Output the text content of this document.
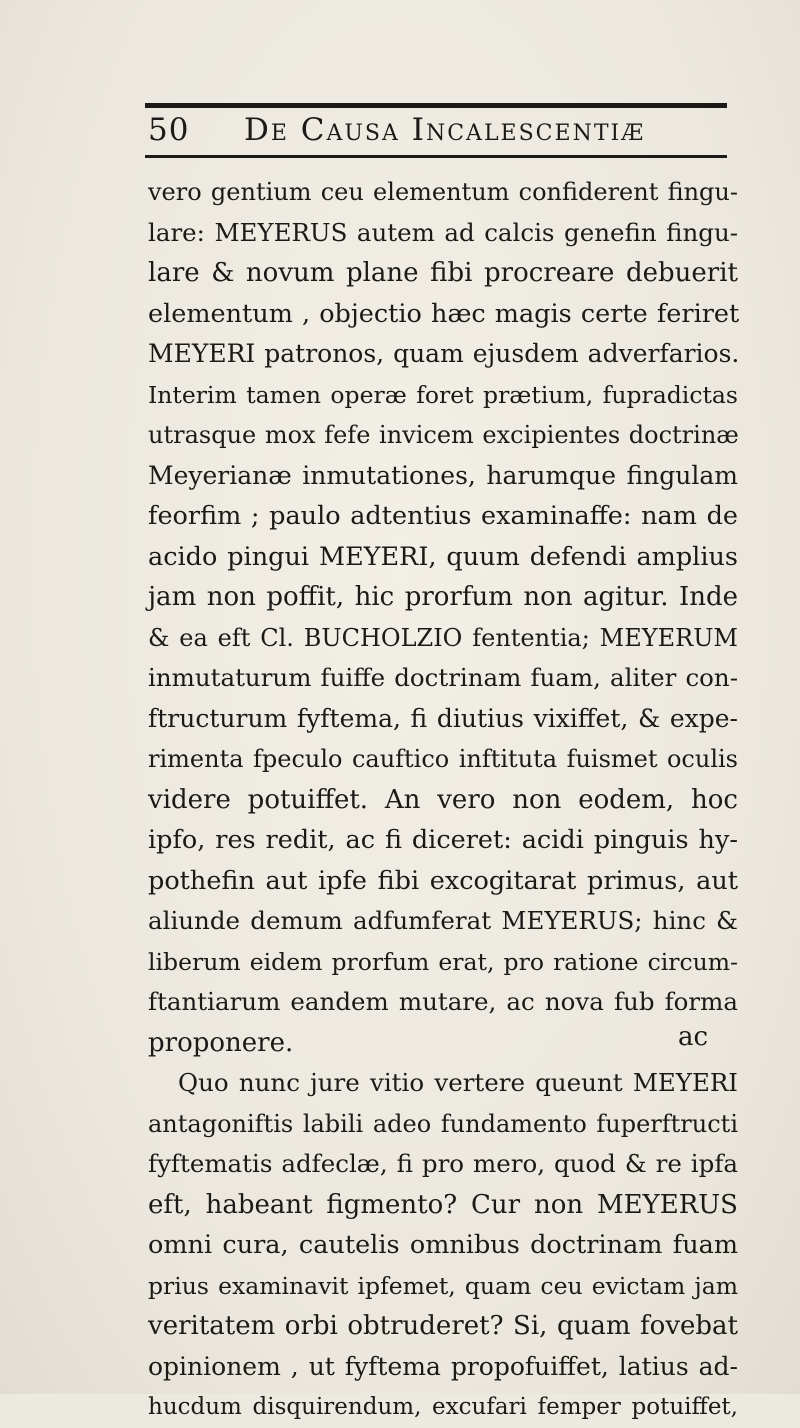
50 De Causa Incalescentiæ
vero gentium ceu elementum confiderent fingu-
lare: MEYERUS autem ad calcis genefin fingu-
lare & novum plane fibi procreare debuerit
elementum , objectio hæc magis certe feriret
MEYERI patronos, quam ejusdem adverfarios.
Interim tamen operæ foret prætium, fupradictas
utrasque mox fefe invicem excipientes doctrinæ
Meyerianæ inmutationes, harumque fingulam
feorfim ; paulo adtentius examinaffe: nam de
acido pingui MEYERI, quum defendi amplius
jam non poffit, hic prorfum non agitur. Inde
& ea eft Cl. BUCHOLZIO fententia; MEYERUM
inmutaturum fuiffe doctrinam fuam, aliter con-
ftructurum fyftema, fi diutius vixiffet, & expe-
rimenta fpeculo cauftico inftituta fuismet oculis
videre potuiffet. An vero non eodem, hoc
ipfo, res redit, ac fi diceret: acidi pinguis hy-
pothefin aut ipfe fibi excogitarat primus, aut
aliunde demum adfumferat MEYERUS; hinc &
liberum eidem prorfum erat, pro ratione circum-
ftantiarum eandem mutare, ac nova fub forma
proponere.
Quo nunc jure vitio vertere queunt MEYERI
antagoniftis labili adeo fundamento fuperftructi
fyftematis adfeclæ, fi pro mero, quod & re ipfa
eft, habeant figmento? Cur non MEYERUS
omni cura, cautelis omnibus doctrinam fuam
prius examinavit ipfemet, quam ceu evictam jam
veritatem orbi obtruderet? Si, quam fovebat
opinionem , ut fyftema propofuiffet, latius ad-
hucdum disquirendum, excufari femper potuiffet,
ac
